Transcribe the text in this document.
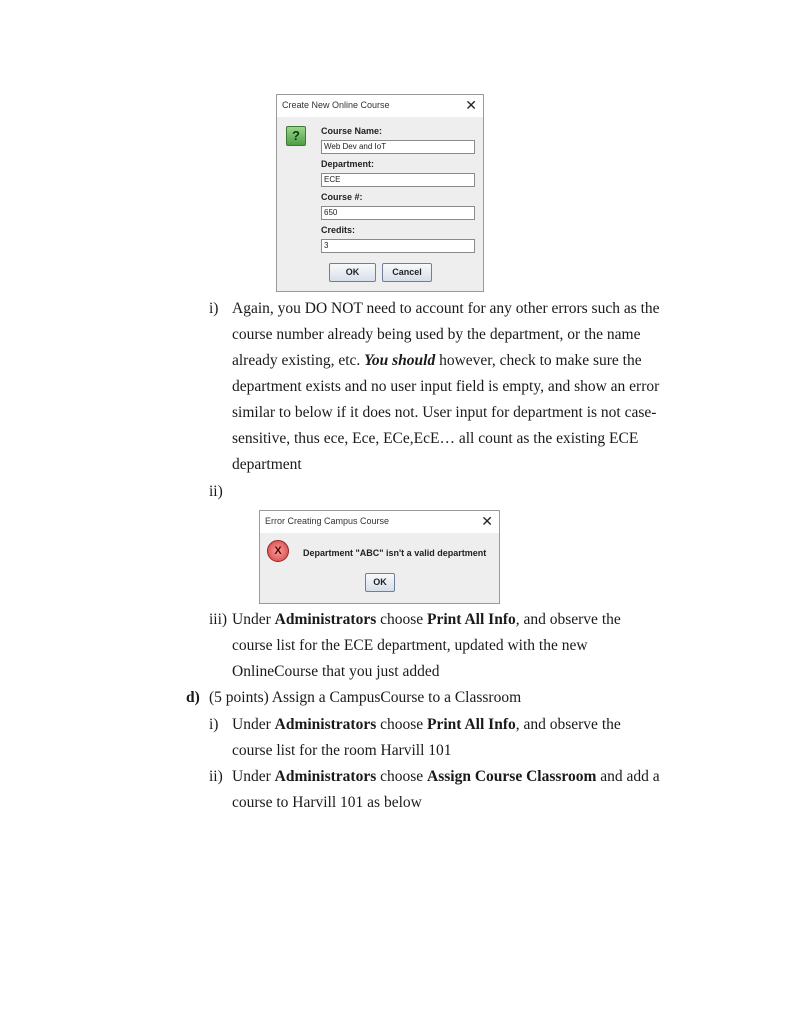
Create New Online Course	✕
?	Course Name:
Web Dev and IoT
Department:
ECE
Course #:
650
Credits:
3
OK	Cancel
i) Again, you DO NOT need to account for any other errors such as the
course number already being used by the department, or the name
already existing, etc. You should however, check to make sure the
department exists and no user input field is empty, and show an error
similar to below if it does not. User input for department is not case-
sensitive, thus ece, Ece, ECe,EcE… all count as the existing ECE
department
ii)
Error Creating Campus Course	✕
X	Department "ABC" isn't a valid department
OK
iii) Under Administrators choose Print All Info, and observe the
course list for the ECE department, updated with the new
OnlineCourse that you just added
d) (5 points) Assign a CampusCourse to a Classroom
i) Under Administrators choose Print All Info, and observe the
course list for the room Harvill 101
ii) Under Administrators choose Assign Course Classroom and add a
course to Harvill 101 as below
